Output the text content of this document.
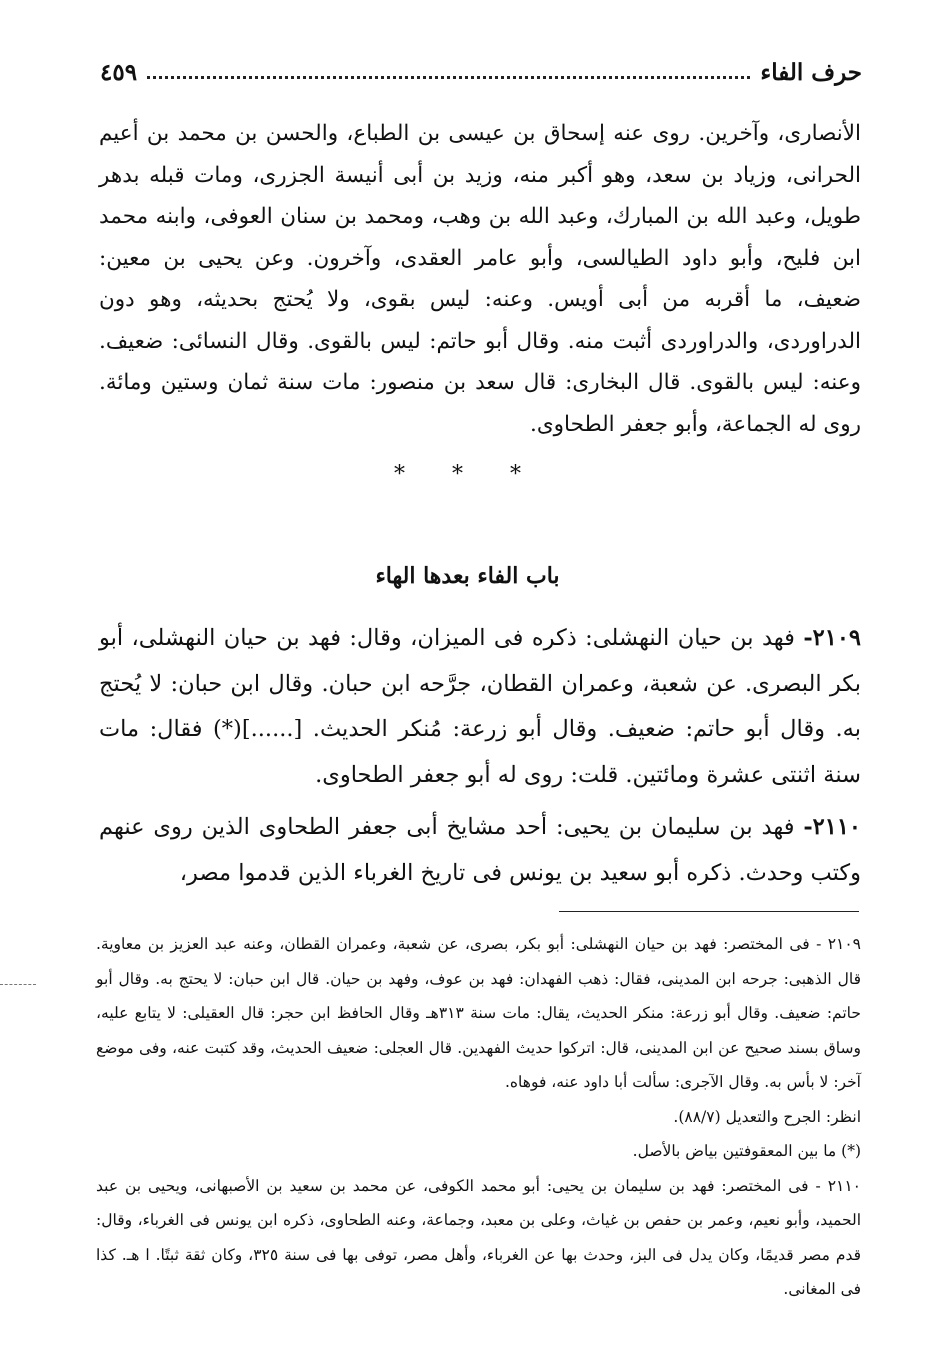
حرف الفاء
٤٥٩

الأنصارى، وآخرين. روى عنه إسحاق بن عيسى بن الطباع، والحسن بن محمد بن أعيم الحرانى، وزياد بن سعد، وهو أكبر منه، وزيد بن أبى أنيسة الجزرى، ومات قبله بدهر طويل، وعبد الله بن المبارك، وعبد الله بن وهب، ومحمد بن سنان العوفى، وابنه محمد ابن فليح، وأبو داود الطيالسى، وأبو عامر العقدى، وآخرون. وعن يحيى بن معين: ضعيف، ما أقربه من أبى أويس. وعنه: ليس بقوى، ولا يُحتج بحديثه، وهو دون الدراوردى، والدراوردى أثبت منه. وقال أبو حاتم: ليس بالقوى. وقال النسائى: ضعيف. وعنه: ليس بالقوى. قال البخارى: قال سعد بن منصور: مات سنة ثمان وستين ومائة. روى له الجماعة، وأبو جعفر الطحاوى.

* * *
باب الفاء بعدها الهاء

٢١٠٩- فهد بن حيان النهشلى: ذكره فى الميزان، وقال: فهد بن حيان النهشلى، أبو بكر البصرى. عن شعبة، وعمران القطان، جرَّحه ابن حبان. وقال ابن حبان: لا يُحتج به. وقال أبو حاتم: ضعيف. وقال أبو زرعة: مُنكر الحديث. [......](*) فقال: مات سنة اثنتى عشرة ومائتين. قلت: روى له أبو جعفر الطحاوى.

٢١١٠- فهد بن سليمان بن يحيى: أحد مشايخ أبى جعفر الطحاوى الذين روى عنهم وكتب وحدث. ذكره أبو سعيد بن يونس فى تاريخ الغرباء الذين قدموا مصر،

٢١٠٩ - فى المختصر: فهد بن حيان النهشلى: أبو بكر، بصرى، عن شعبة، وعمران القطان، وعنه عبد العزيز بن معاوية. قال الذهبى: جرحه ابن المدينى، فقال: ذهب الفهدان: فهد بن عوف، وفهد بن حيان. قال ابن حبان: لا يحتج به. وقال أبو حاتم: ضعيف. وقال أبو زرعة: منكر الحديث، يقال: مات سنة ٣١٣هـ وقال الحافظ ابن حجر: قال العقيلى: لا يتابع عليه، وساق بسند صحيح عن ابن المدينى، قال: اتركوا حديث الفهدين. قال العجلى: ضعيف الحديث، وقد كتبت عنه، وفى موضع آخر: لا بأس به. وقال الآجرى: سألت أبا داود عنه، فوهاه.

انظر: الجرح والتعديل (٨٨/٧).

(*) ما بين المعقوفتين بياض بالأصل.

٢١١٠ - فى المختصر: فهد بن سليمان بن يحيى: أبو محمد الكوفى، عن محمد بن سعيد بن الأصبهانى، ويحيى بن عبد الحميد، وأبو نعيم، وعمر بن حفص بن غياث، وعلى بن معبد، وجماعة، وعنه الطحاوى، ذكره ابن يونس فى الغرباء، وقال: قدم مصر قديمًا، وكان يدل فى البز، وحدث بها عن الغرباء، وأهل مصر، توفى بها فى سنة ٣٢٥، وكان ثقة ثبتًا. ا هـ. كذا فى المغانى.
